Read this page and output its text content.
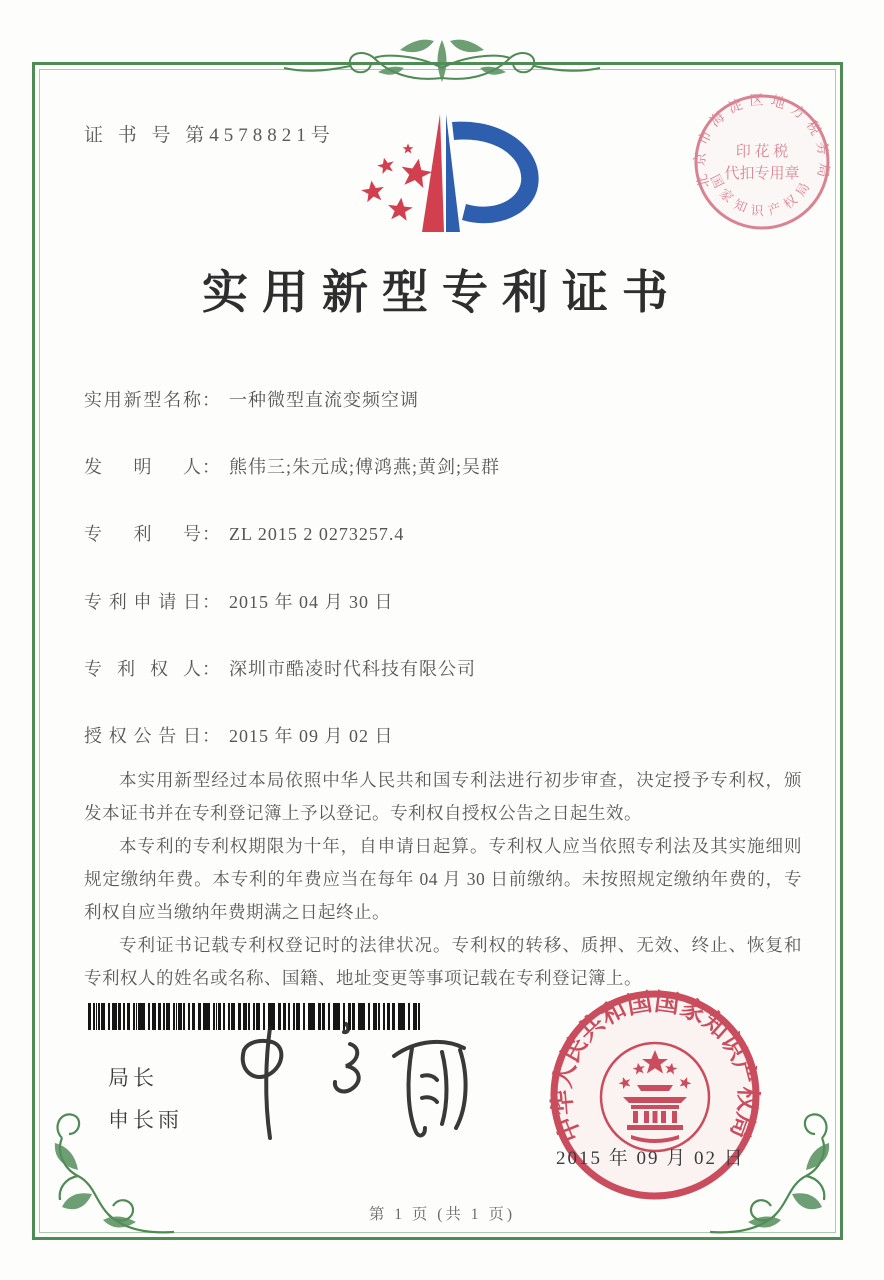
证 书 号 第4578821号
北京市海淀区地方税务局
国家知识产权局
印 花 税
代扣专用章
实用新型专利证书
实用新型名称： 一种微型直流变频空调
发明人： 熊伟三;朱元成;傅鸿燕;黄剑;吴群
专利号： ZL 2015 2 0273257.4
专利申请日： 2015 年 04 月 30 日
专利权人： 深圳市酷凌时代科技有限公司
授权公告日： 2015 年 09 月 02 日

本实用新型经过本局依照中华人民共和国专利法进行初步审查，决定授予专利权，颁发本证书并在专利登记簿上予以登记。专利权自授权公告之日起生效。

本专利的专利权期限为十年，自申请日起算。专利权人应当依照专利法及其实施细则规定缴纳年费。本专利的年费应当在每年 04 月 30 日前缴纳。未按照规定缴纳年费的，专利权自应当缴纳年费期满之日起终止。

专利证书记载专利权登记时的法律状况。专利权的转移、质押、无效、终止、恢复和专利权人的姓名或名称、国籍、地址变更等事项记载在专利登记簿上。

局长
申长雨	中华人民共和国国家知识产权局
2015 年 09 月 02 日
第 1 页 (共 1 页)
